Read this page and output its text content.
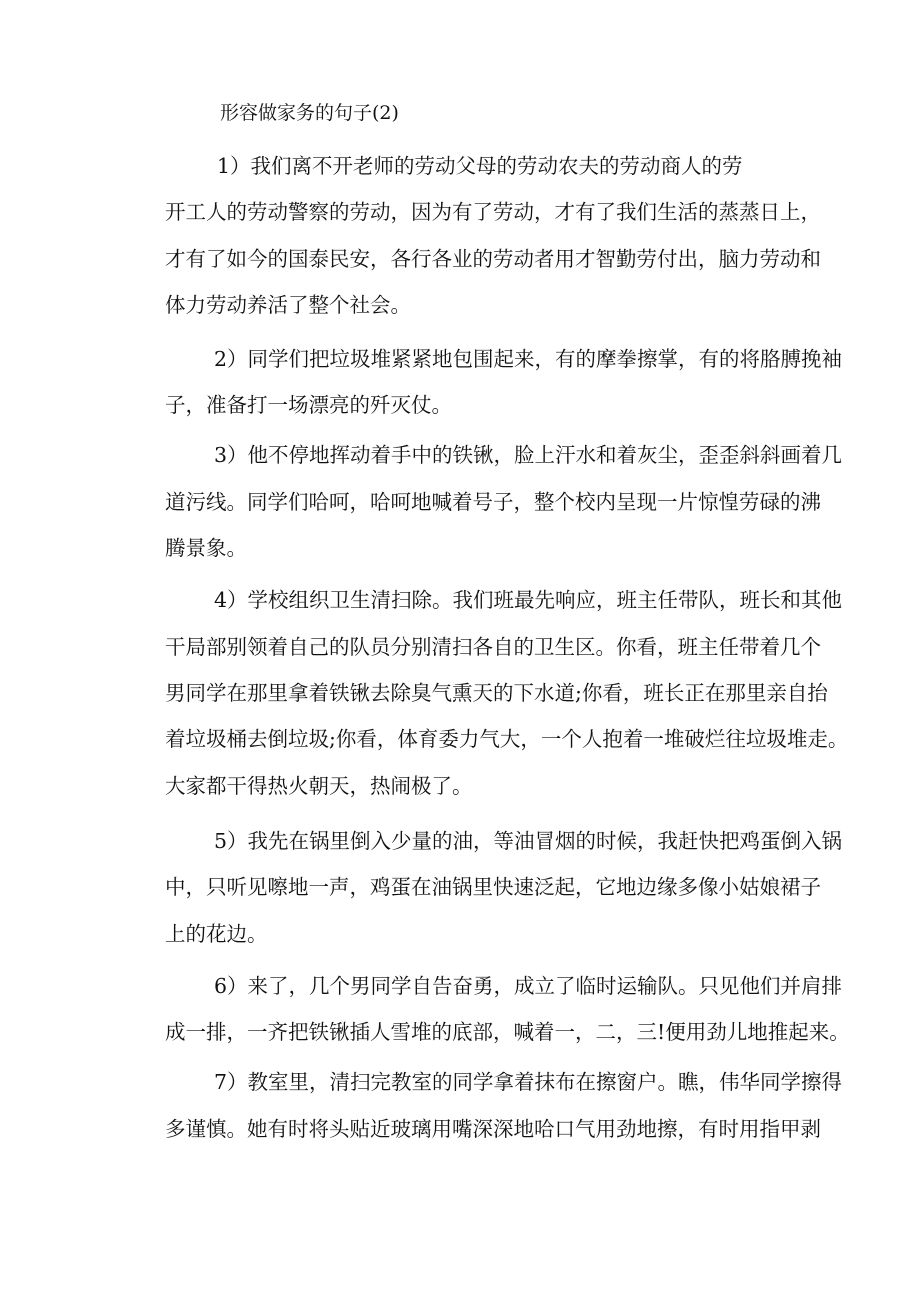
形容做家务的句子(2)
1）我们离不开老师的劳动父母的劳动农夫的劳动商人的劳
开工人的劳动警察的劳动，因为有了劳动，才有了我们生活的蒸蒸日上，
才有了如今的国泰民安，各行各业的劳动者用才智勤劳付出，脑力劳动和
体力劳动养活了整个社会。
2）同学们把垃圾堆紧紧地包围起来，有的摩拳擦掌，有的将胳膊挽袖
子，准备打一场漂亮的歼灭仗。
3）他不停地挥动着手中的铁锹，脸上汗水和着灰尘，歪歪斜斜画着几
道污线。同学们哈呵，哈呵地喊着号子，整个校内呈现一片惊惶劳碌的沸
腾景象。
4）学校组织卫生清扫除。我们班最先响应，班主任带队，班长和其他
干局部别领着自己的队员分别清扫各自的卫生区。你看，班主任带着几个
男同学在那里拿着铁锹去除臭气熏天的下水道;你看，班长正在那里亲自抬
着垃圾桶去倒垃圾;你看，体育委力气大，一个人抱着一堆破烂往垃圾堆走。
大家都干得热火朝天，热闹极了。
5）我先在锅里倒入少量的油，等油冒烟的时候，我赶快把鸡蛋倒入锅
中，只听见嚓地一声，鸡蛋在油锅里快速泛起，它地边缘多像小姑娘裙子
上的花边。
6）来了，几个男同学自告奋勇，成立了临时运输队。只见他们并肩排
成一排，一齐把铁锹插人雪堆的底部，喊着一，二，三!便用劲儿地推起来。
7）教室里，清扫完教室的同学拿着抹布在擦窗户。瞧，伟华同学擦得
多谨慎。她有时将头贴近玻璃用嘴深深地哈口气用劲地擦，有时用指甲剥
